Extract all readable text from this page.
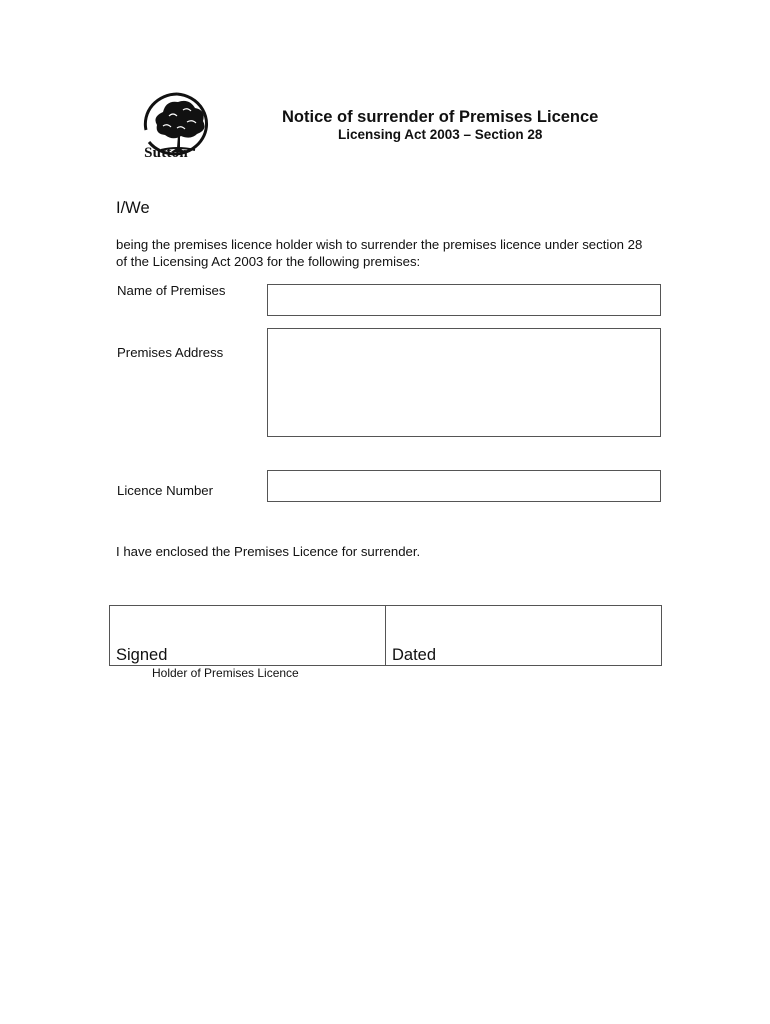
Sutton
Notice of surrender of Premises Licence
Licensing Act 2003 – Section 28
I/We
being the premises licence holder wish to surrender the premises licence under section 28 of the Licensing Act 2003 for the following premises:
Name of Premises
Premises Address
Licence Number
I have enclosed the Premises Licence for surrender.
Signed	Dated
Holder of Premises Licence
